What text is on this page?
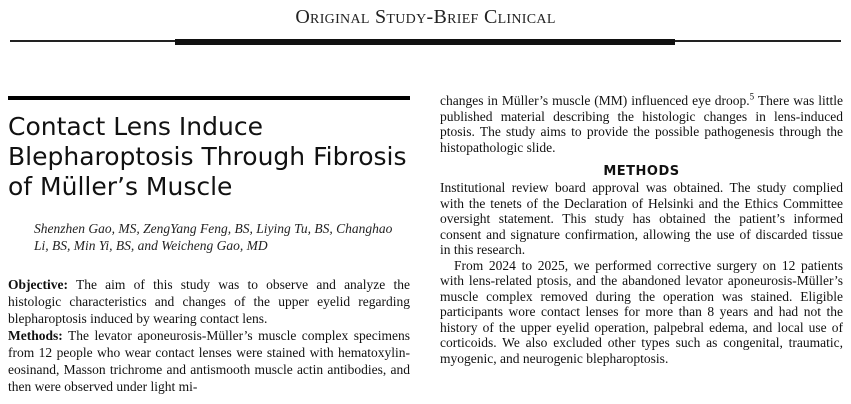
Original Study-Brief Clinical
Contact Lens Induce Blepharoptosis Through Fibrosis of Müller’s Muscle
Shenzhen Gao, MS, ZengYang Feng, BS, Liying Tu, BS, Changhao Li, BS, Min Yi, BS, and Weicheng Gao, MD

Objective: The aim of this study was to observe and analyze the histologic characteristics and changes of the upper eyelid regarding blepharoptosis induced by wearing contact lens.

Methods: The levator aponeurosis-Müller’s muscle complex specimens from 12 people who wear contact lenses were stained with hematoxylin-eosinand, Masson trichrome and antismooth muscle actin antibodies, and then were observed under light mi-

changes in Müller’s muscle (MM) influenced eye droop.$^5$ There was little published material describing the histologic changes in lens-induced ptosis. The study aims to provide the possible pathogenesis through the histopathologic slide.

METHODS

Institutional review board approval was obtained. The study complied with the tenets of the Declaration of Helsinki and the Ethics Committee oversight statement. This study has obtained the patient’s informed consent and signature confirmation, allowing the use of discarded tissue in this research.

From 2024 to 2025, we performed corrective surgery on 12 patients with lens-related ptosis, and the abandoned levator aponeurosis-Müller’s muscle complex removed during the operation was stained. Eligible participants wore contact lenses for more than 8 years and had not the history of the upper eyelid operation, palpebral edema, and local use of corticoids. We also excluded other types such as congenital, traumatic, myogenic, and neurogenic blepharoptosis.
